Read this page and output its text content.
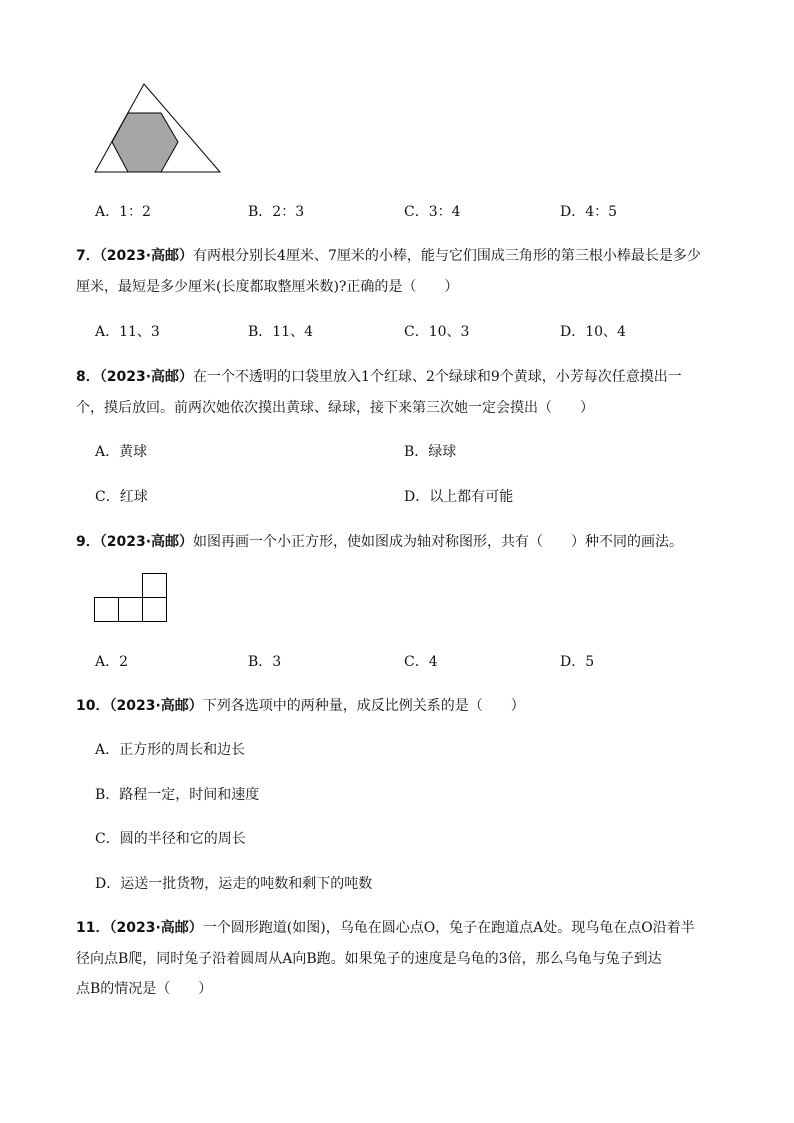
A．1：2	B．2：3	C．3：4	D．4：5
7．（2023·高邮）有两根分别长4厘米、7厘米的小棒，能与它们围成三角形的第三根小棒最长是多少
厘米，最短是多少厘米(长度都取整厘米数)?正确的是（　　）
A．11、3	B．11、4	C．10、3	D．10、4
8．（2023·高邮）在一个不透明的口袋里放入1个红球、2个绿球和9个黄球，小芳每次任意摸出一
个，摸后放回。前两次她依次摸出黄球、绿球，接下来第三次她一定会摸出（　　）
A．黄球	B．绿球
C．红球	D．以上都有可能
9．（2023·高邮）如图再画一个小正方形，使如图成为轴对称图形，共有（　　）种不同的画法。
A．2	B．3	C．4	D．5
10．（2023·高邮）下列各选项中的两种量，成反比例关系的是（　　）
A．正方形的周长和边长
B．路程一定，时间和速度
C．圆的半径和它的周长
D．运送一批货物，运走的吨数和剩下的吨数
11．（2023·高邮）一个圆形跑道(如图)，乌龟在圆心点O，兔子在跑道点A处。现乌龟在点O沿着半
径向点B爬，同时兔子沿着圆周从A向B跑。如果兔子的速度是乌龟的3倍，那么乌龟与兔子到达
点B的情况是（　　）
